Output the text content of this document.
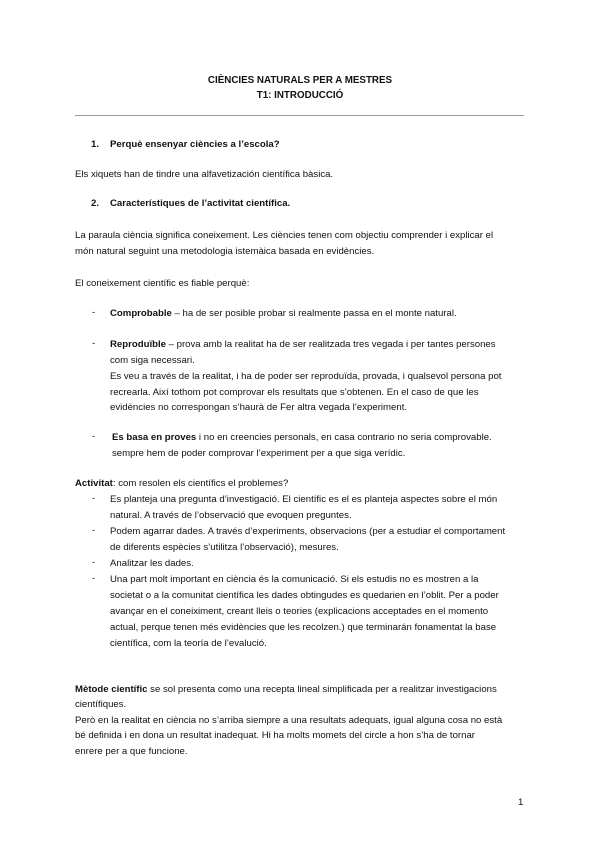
CIÈNCIES NATURALS PER A MESTRES
T1: INTRODUCCIÓ
1. Perquè ensenyar ciències a l’escola?
Els xiquets han de tindre una alfavetización científica bàsica.
2. Característiques de l’activitat científica.
La paraula ciència significa coneixement. Les ciències tenen com objectiu comprender i explicar el
món natural seguint una metodologia istemàica basada en evidències.
El coneixement científic es fiable perquè:
- Comprobable – ha de ser posible probar si realmente passa en el monte natural.
- Reproduïble – prova amb la realitat ha de ser realitzada tres vegada i per tantes persones
com siga necessari.
Es veu a través de la realitat, i ha de poder ser reproduïda, provada, i qualsevol persona pot
recrearla. Així tothom pot comprovar els resultats que s’obtenen. En el caso de que les
evidències no correspongan s’haurà de Fer altra vegada l’experiment.
- Es basa en proves i no en creencies personals, en casa contrario no seria comprovable.
sempre hem de poder comprovar l’experiment per a que siga verídic.
Activitat: com resolen els científics el problemes?
- Es planteja una pregunta d’investigació. El científic es el es planteja aspectes sobre el món
natural. A través de l’observació que evoquen preguntes.
- Podem agarrar dades. A través d’experiments, observacions (per a estudiar el comportament
de diferents espècies s’utilitza l’observació), mesures.
- Analitzar les dades.
- Una part molt important en ciència és la comunicació. Si els estudis no es mostren a la
societat o a la comunitat científica les dades obtingudes es quedarien en l’oblit. Per a poder
avançar en el coneiximent, creant lleis o teories (explicacions acceptades en el momento
actual, perque tenen més evidències que les recolzen.) que terminarán fonamentat la base
científica, com la teoría de l’evalució.
Mètode científic se sol presenta como una recepta lineal simplificada per a realitzar investigacions
científiques.
Però en la realitat en ciència no s’arriba siempre a una resultats adequats, igual alguna cosa no està
bé definida i en dona un resultat inadequat. Hi ha molts momets del circle a hon s’ha de tornar
enrere per a que funcione.
1
